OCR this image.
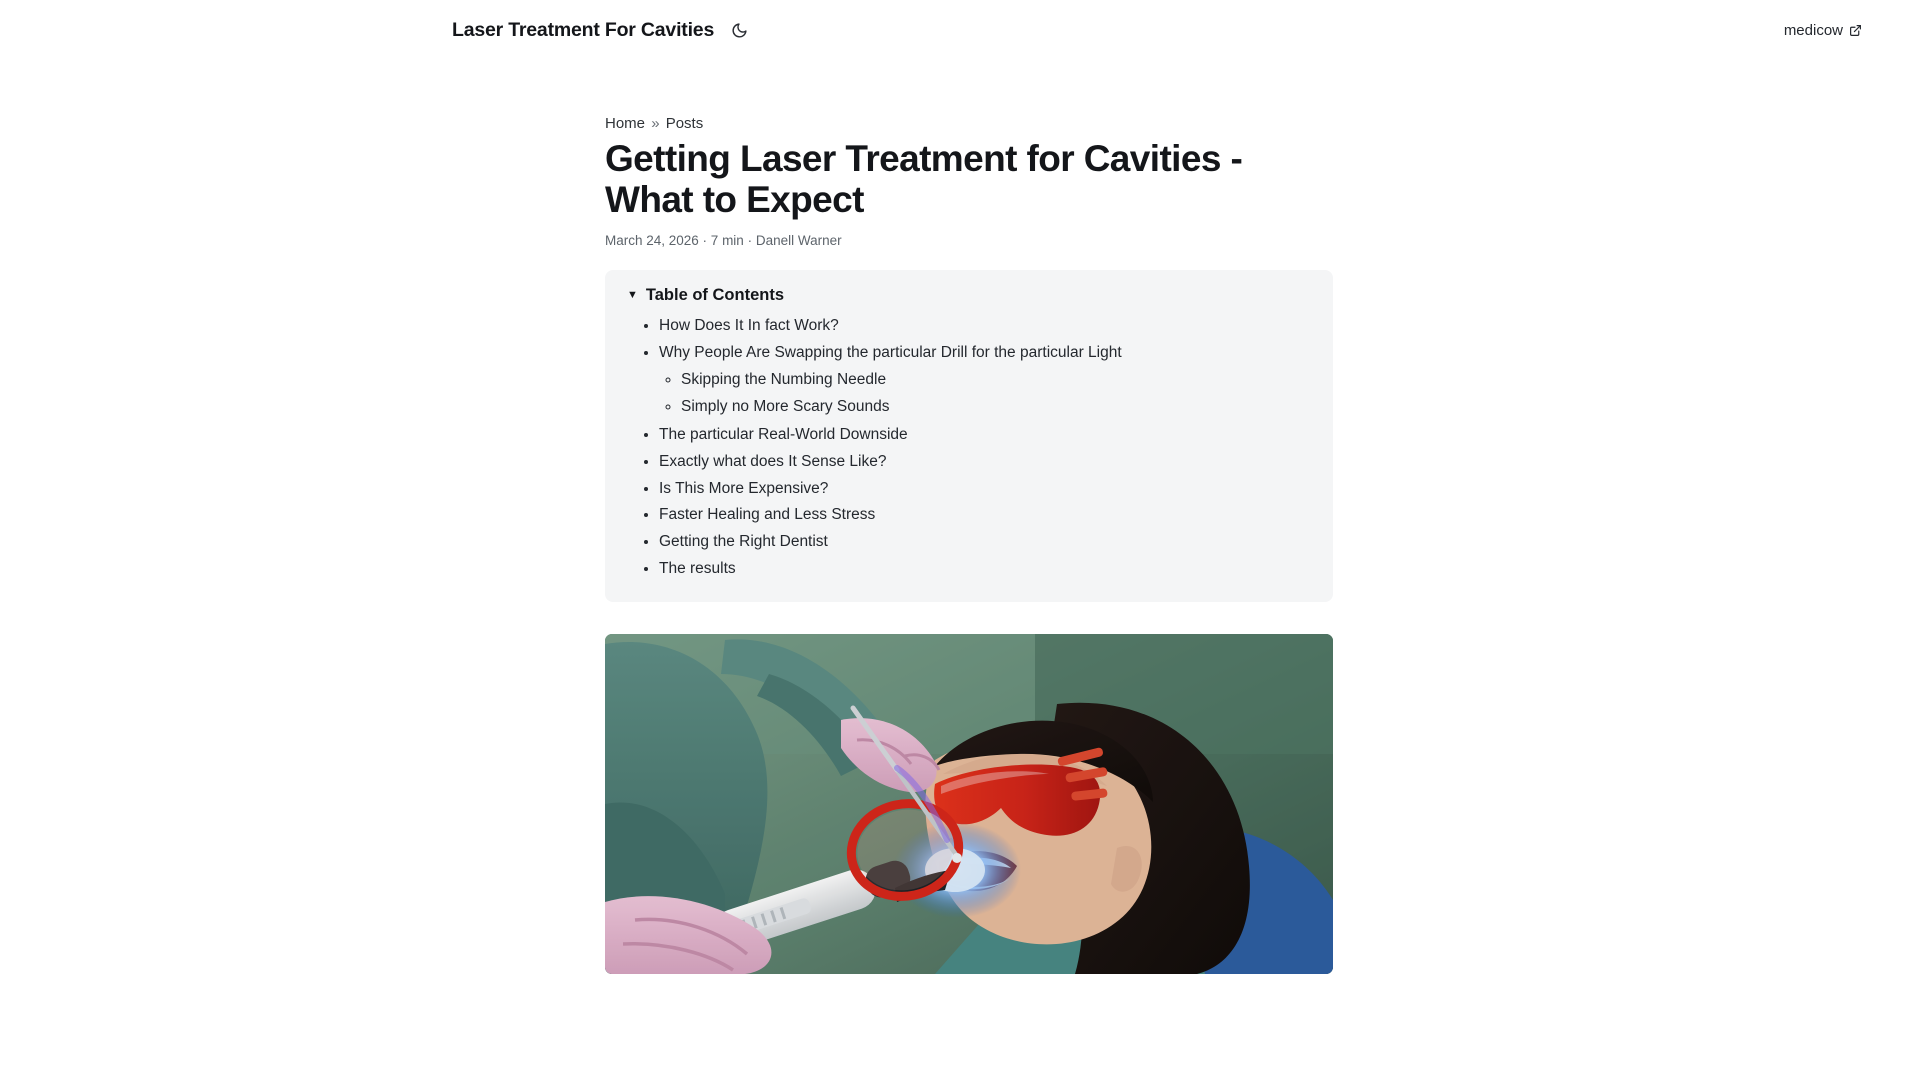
Laser Treatment For Cavities	medicow
Home » Posts
Getting Laser Treatment for Cavities - What to Expect
March 24, 2026 · 7 min · Danell Warner
▼ Table of Contents
• How Does It In fact Work?
• Why People Are Swapping the particular Drill for the particular Light
◦ Skipping the Numbing Needle
◦ Simply no More Scary Sounds
• The particular Real-World Downside
• Exactly what does It Sense Like?
• Is This More Expensive?
• Faster Healing and Less Stress
• Getting the Right Dentist
• The results
